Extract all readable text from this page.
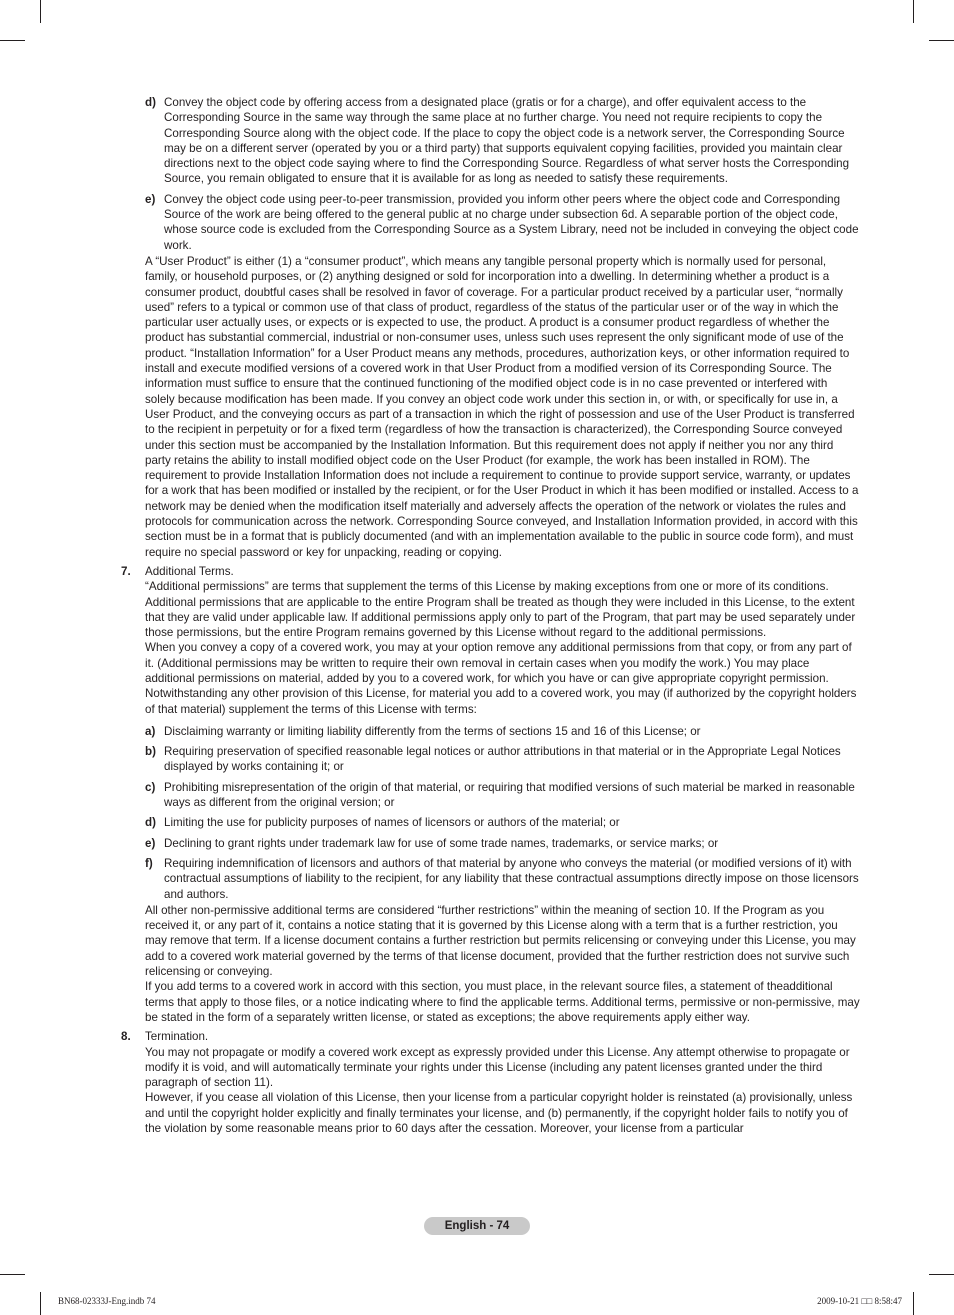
d) Convey the object code by offering access from a designated place (gratis or for a charge), and offer equivalent access to the Corresponding Source in the same way through the same place at no further charge. You need not require recipients to copy the Corresponding Source along with the object code. If the place to copy the object code is a network server, the Corresponding Source may be on a different server (operated by you or a third party) that supports equivalent copying facilities, provided you maintain clear directions next to the object code saying where to find the Corresponding Source. Regardless of what server hosts the Corresponding Source, you remain obligated to ensure that it is available for as long as needed to satisfy these requirements.
e) Convey the object code using peer-to-peer transmission, provided you inform other peers where the object code and Corresponding Source of the work are being offered to the general public at no charge under subsection 6d. A separable portion of the object code, whose source code is excluded from the Corresponding Source as a System Library, need not be included in conveying the object code work.

A “User Product” is either (1) a “consumer product”, which means any tangible personal property which is normally used for personal, family, or household purposes, or (2) anything designed or sold for incorporation into a dwelling. In determining whether a product is a consumer product, doubtful cases shall be resolved in favor of coverage. For a particular product received by a particular user, “normally used” refers to a typical or common use of that class of product, regardless of the status of the particular user or of the way in which the particular user actually uses, or expects or is expected to use, the product. A product is a consumer product regardless of whether the product has substantial commercial, industrial or non-consumer uses, unless such uses represent the only significant mode of use of the product. “Installation Information” for a User Product means any methods, procedures, authorization keys, or other information required to install and execute modified versions of a covered work in that User Product from a modified version of its Corresponding Source. The information must suffice to ensure that the continued functioning of the modified object code is in no case prevented or interfered with solely because modification has been made. If you convey an object code work under this section in, or with, or specifically for use in, a User Product, and the conveying occurs as part of a transaction in which the right of possession and use of the User Product is transferred to the recipient in perpetuity or for a fixed term (regardless of how the transaction is characterized), the Corresponding Source conveyed under this section must be accompanied by the Installation Information. But this requirement does not apply if neither you nor any third party retains the ability to install modified object code on the User Product (for example, the work has been installed in ROM). The requirement to provide Installation Information does not include a requirement to continue to provide support service, warranty, or updates for a work that has been modified or installed by the recipient, or for the User Product in which it has been modified or installed. Access to a network may be denied when the modification itself materially and adversely affects the operation of the network or violates the rules and protocols for communication across the network. Corresponding Source conveyed, and Installation Information provided, in accord with this section must be in a format that is publicly documented (and with an implementation available to the public in source code form), and must require no special password or key for unpacking, reading or copying.

7. Additional Terms.
“Additional permissions” are terms that supplement the terms of this License by making exceptions from one or more of its conditions. Additional permissions that are applicable to the entire Program shall be treated as though they were included in this License, to the extent that they are valid under applicable law. If additional permissions apply only to part of the Program, that part may be used separately under those permissions, but the entire Program remains governed by this License without regard to the additional permissions.
When you convey a copy of a covered work, you may at your option remove any additional permissions from that copy, or from any part of it. (Additional permissions may be written to require their own removal in certain cases when you modify the work.) You may place additional permissions on material, added by you to a covered work, for which you have or can give appropriate copyright permission. Notwithstanding any other provision of this License, for material you add to a covered work, you may (if authorized by the copyright holders of that material) supplement the terms of this License with terms:
a) Disclaiming warranty or limiting liability differently from the terms of sections 15 and 16 of this License; or
b) Requiring preservation of specified reasonable legal notices or author attributions in that material or in the Appropriate Legal Notices displayed by works containing it; or
c) Prohibiting misrepresentation of the origin of that material, or requiring that modified versions of such material be marked in reasonable ways as different from the original version; or
d) Limiting the use for publicity purposes of names of licensors or authors of the material; or
e) Declining to grant rights under trademark law for use of some trade names, trademarks, or service marks; or
f) Requiring indemnification of licensors and authors of that material by anyone who conveys the material (or modified versions of it) with contractual assumptions of liability to the recipient, for any liability that these contractual assumptions directly impose on those licensors and authors.

All other non-permissive additional terms are considered “further restrictions” within the meaning of section 10. If the Program as you received it, or any part of it, contains a notice stating that it is governed by this License along with a term that is a further restriction, you may remove that term. If a license document contains a further restriction but permits relicensing or conveying under this License, you may add to a covered work material governed by the terms of that license document, provided that the further restriction does not survive such relicensing or conveying.

If you add terms to a covered work in accord with this section, you must place, in the relevant source files, a statement of theadditional terms that apply to those files, or a notice indicating where to find the applicable terms. Additional terms, permissive or non-permissive, may be stated in the form of a separately written license, or stated as exceptions; the above requirements apply either way.

8. Termination.
You may not propagate or modify a covered work except as expressly provided under this License. Any attempt otherwise to propagate or modify it is void, and will automatically terminate your rights under this License (including any patent licenses granted under the third paragraph of section 11).
However, if you cease all violation of this License, then your license from a particular copyright holder is reinstated (a) provisionally, unless and until the copyright holder explicitly and finally terminates your license, and (b) permanently, if the copyright holder fails to notify you of the violation by some reasonable means prior to 60 days after the cessation. Moreover, your license from a particular
English - 74
BN68-02333J-Eng.indb 74	2009-10-21 □□ 8:58:47
